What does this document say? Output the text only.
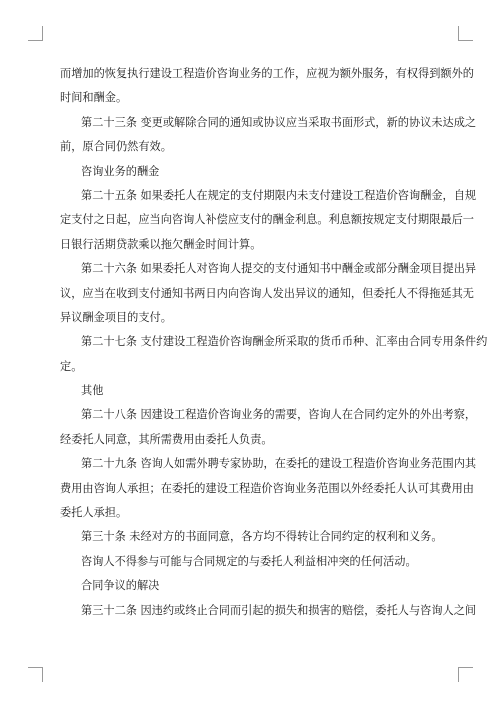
而增加的恢复执行建设工程造价咨询业务的工作，应视为额外服务，有权得到额外的
时间和酬金。
第二十三条 变更或解除合同的通知或协议应当采取书面形式，新的协议未达成之
前，原合同仍然有效。
咨询业务的酬金
第二十五条 如果委托人在规定的支付期限内未支付建设工程造价咨询酬金，自规
定支付之日起，应当向咨询人补偿应支付的酬金利息。利息额按规定支付期限最后一
日银行活期贷款乘以拖欠酬金时间计算。
第二十六条 如果委托人对咨询人提交的支付通知书中酬金或部分酬金项目提出异
议，应当在收到支付通知书两日内向咨询人发出异议的通知，但委托人不得拖延其无
异议酬金项目的支付。
第二十七条 支付建设工程造价咨询酬金所采取的货币币种、汇率由合同专用条件约
定。
其他
第二十八条 因建设工程造价咨询业务的需要，咨询人在合同约定外的外出考察，
经委托人同意，其所需费用由委托人负责。
第二十九条 咨询人如需外聘专家协助，在委托的建设工程造价咨询业务范围内其
费用由咨询人承担；在委托的建设工程造价咨询业务范围以外经委托人认可其费用由
委托人承担。
第三十条 未经对方的书面同意，各方均不得转让合同约定的权利和义务。
咨询人不得参与可能与合同规定的与委托人利益相冲突的任何活动。
合同争议的解决
第三十二条 因违约或终止合同而引起的损失和损害的赔偿，委托人与咨询人之间
